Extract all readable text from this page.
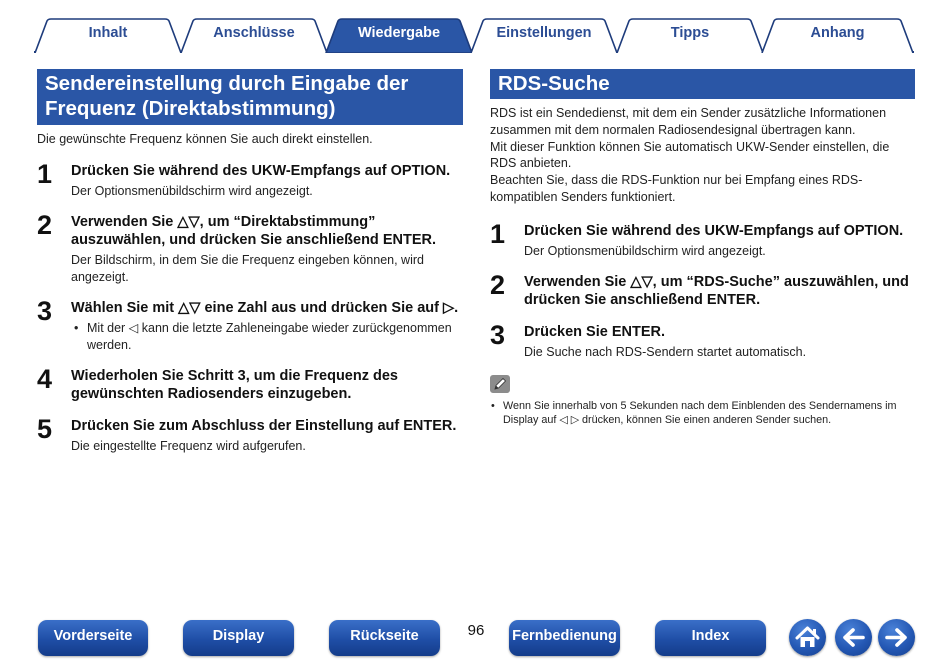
Inhalt	Anschlüsse	Wiedergabe	Einstellungen	Tipps	Anhang
Sendereinstellung durch Eingabe der
Frequenz (Direktabstimmung)
Die gewünschte Frequenz können Sie auch direkt einstellen.
1 Drücken Sie während des UKW-Empfangs auf OPTION.
Der Optionsmenübildschirm wird angezeigt.
2 Verwenden Sie △▽, um “Direktabstimmung” auszuwählen, und drücken Sie anschließend ENTER.
Der Bildschirm, in dem Sie die Frequenz eingeben können, wird angezeigt.
3 Wählen Sie mit △▽ eine Zahl aus und drücken Sie auf ▷.
• Mit der ◁ kann die letzte Zahleneingabe wieder zurückgenommen werden.
4 Wiederholen Sie Schritt 3, um die Frequenz des gewünschten Radiosenders einzugeben.
5 Drücken Sie zum Abschluss der Einstellung auf ENTER.
Die eingestellte Frequenz wird aufgerufen.
RDS-Suche

RDS ist ein Sendedienst, mit dem ein Sender zusätzliche Informationen zusammen mit dem normalen Radiosendesignal übertragen kann.

Mit dieser Funktion können Sie automatisch UKW-Sender einstellen, die RDS anbieten.

Beachten Sie, dass die RDS-Funktion nur bei Empfang eines RDS-kompatiblen Senders funktioniert.

1 Drücken Sie während des UKW-Empfangs auf OPTION.
Der Optionsmenübildschirm wird angezeigt.
2 Verwenden Sie △▽, um “RDS-Suche” auszuwählen, und drücken Sie anschließend ENTER.
3 Drücken Sie ENTER.
Die Suche nach RDS-Sendern startet automatisch.
• Wenn Sie innerhalb von 5 Sekunden nach dem Einblenden des Sendernamens im Display auf ◁ ▷ drücken, können Sie einen anderen Sender suchen.
Vorderseite	Display	Rückseite	96	Fernbedienung	Index
